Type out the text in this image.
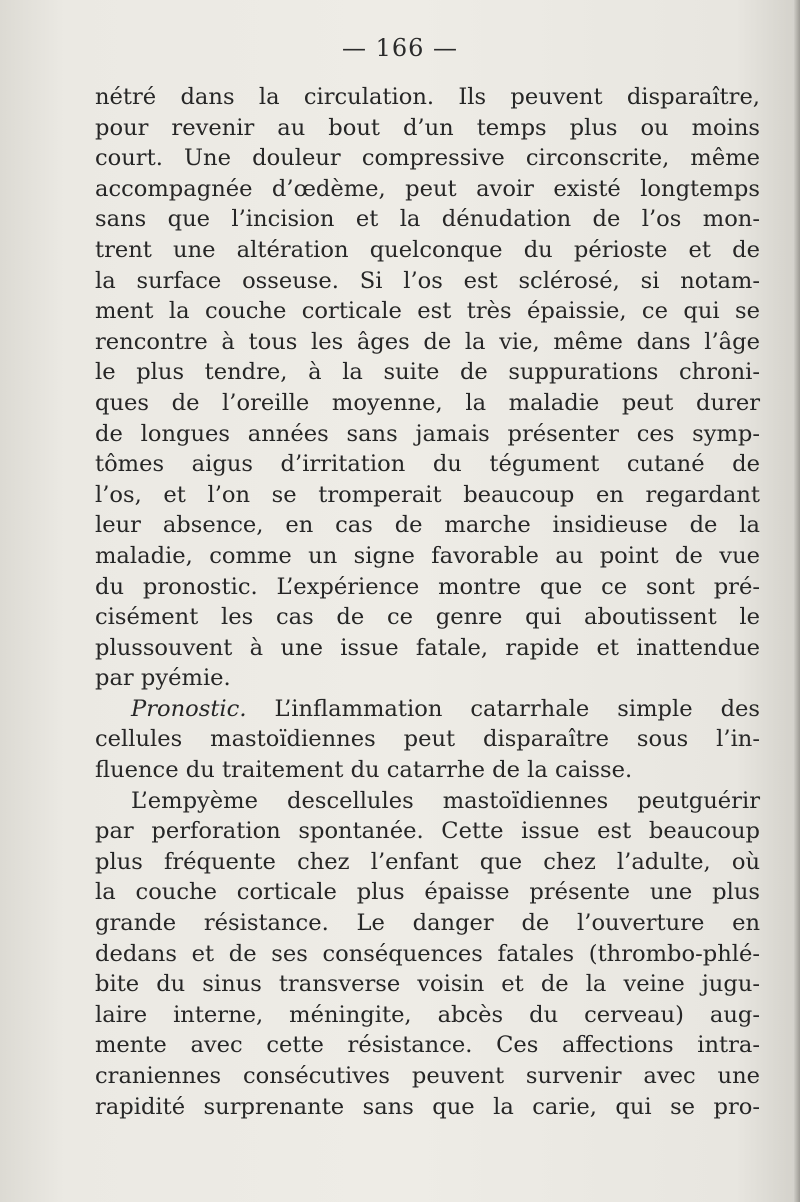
— 166 —
nétré dans la circulation. Ils peuvent disparaître,
pour revenir au bout d’un temps plus ou moins
court. Une douleur compressive circonscrite, même
accompagnée d’œdème, peut avoir existé longtemps
sans que l’incision et la dénudation de l’os mon-
trent une altération quelconque du périoste et de
la surface osseuse. Si l’os est sclérosé, si notam-
ment la couche corticale est très épaissie, ce qui se
rencontre à tous les âges de la vie, même dans l’âge
le plus tendre, à la suite de suppurations chroni-
ques de l’oreille moyenne, la maladie peut durer
de longues années sans jamais présenter ces symp-
tômes aigus d’irritation du tégument cutané de
l’os, et l’on se tromperait beaucoup en regardant
leur absence, en cas de marche insidieuse de la
maladie, comme un signe favorable au point de vue
du pronostic. L’expérience montre que ce sont pré-
cisément les cas de ce genre qui aboutissent le
plussouvent à une issue fatale, rapide et inattendue
par pyémie.
Pronostic. L’inflammation catarrhale simple des
cellules mastoïdiennes peut disparaître sous l’in-
fluence du traitement du catarrhe de la caisse.
L’empyème descellules mastoïdiennes peutguérir
par perforation spontanée. Cette issue est beaucoup
plus fréquente chez l’enfant que chez l’adulte, où
la couche corticale plus épaisse présente une plus
grande résistance. Le danger de l’ouverture en
dedans et de ses conséquences fatales (thrombo-phlé-
bite du sinus transverse voisin et de la veine jugu-
laire interne, méningite, abcès du cerveau) aug-
mente avec cette résistance. Ces affections intra-
craniennes consécutives peuvent survenir avec une
rapidité surprenante sans que la carie, qui se pro-
